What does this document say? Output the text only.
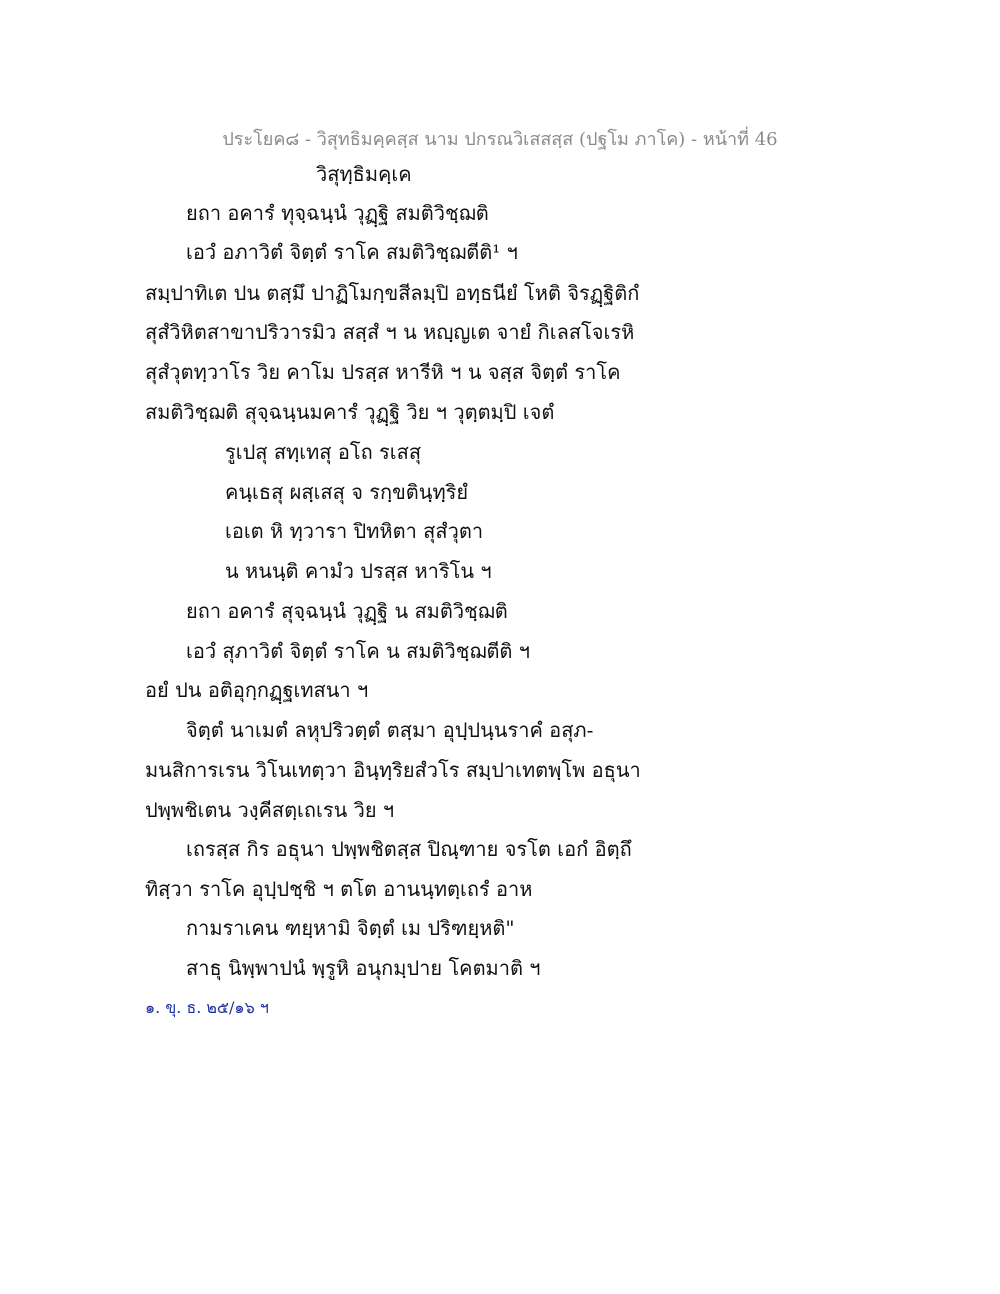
ประโยค๘ - วิสุทธิมคฺคสฺส นาม ปกรณวิเสสสฺส (ปฐโม ภาโค) - หน้าที่ 46
วิสุทฺธิมคฺเค
ยถา อคารํ ทุจฺฉนฺนํ วุฏฺฐิ สมติวิชฺฌติ
เอวํ อภาวิตํ จิตฺตํ ราโค สมติวิชฺฌตีติ¹ ฯ
สมฺปาทิเต ปน ตสฺมึ ปาฏิโมกฺขสีลมฺปิ อทฺธนียํ โหติ จิรฏฺฐิติกํ
สุสํวิหิตสาขาปริวารมิว สสฺสํ ฯ น หญฺญเต จายํ กิเลสโจเรหิ
สุสํวุตทฺวาโร วิย คาโม ปรสฺส หารีหิ ฯ น จสฺส จิตฺตํ ราโค
สมติวิชฺฌติ สุจฺฉนฺนมคารํ วุฏฺฐิ วิย ฯ วุตฺตมฺปิ เจตํ
รูเปสุ สทฺเทสุ อโถ รเสสุ
คนฺเธสุ ผสฺเสสุ จ รกฺขตินฺทฺริยํ
เอเต หิ ทฺวารา ปิทหิตา สุสํวุตา
น หนนฺติ คามํว ปรสฺส หาริโน ฯ
ยถา อคารํ สุจฺฉนฺนํ วุฏฺฐิ น สมติวิชฺฌติ
เอวํ สุภาวิตํ จิตฺตํ ราโค น สมติวิชฺฌตีติ ฯ
อยํ ปน อติอุกฺกฏฺฐเทสนา ฯ
จิตฺตํ นาเมตํ ลหุปริวตฺตํ ตสฺมา อุปฺปนฺนราคํ อสุภ-
มนสิการเรน วิโนเทตฺวา อินฺทฺริยสํวโร สมฺปาเทตพฺโพ อธุนา
ปพฺพชิเตน วงฺคีสตฺเถเรน วิย ฯ
เถรสฺส กิร อธุนา ปพฺพชิตสฺส ปิณฺฑาย จรโต เอกํ อิตฺถึ
ทิสฺวา ราโค อุปฺปชฺชิ ฯ ตโต อานนฺทตฺเถรํ อาห
กามราเคน ฑยฺหามิ จิตฺตํ เม ปริฑยฺหติ"
สาธุ นิพฺพาปนํ พฺรูหิ อนุกมฺปาย โคตมาติ ฯ
๑. ขุ. ธ. ๒๕/๑๖ ฯ
